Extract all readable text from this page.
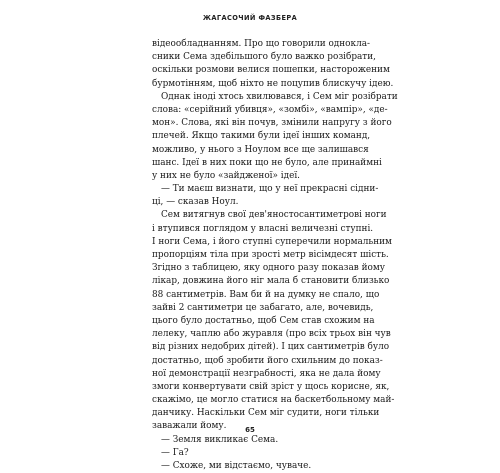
ЖАГАСОЧИЙ ФАЗБЕРА
відеообладнанням. Про що говорили однокла-
сники Сема здебільшого було важко розібрати,
оскільки розмови велися пошепки, настороженим
бурмотінням, щоб ніхто не поцупив блискучу ідею.
Однак іноді хтось хвилювався, і Сем міг розібрати
слова: «серійний убивця», «зомбі», «вампір», «де-
мон». Слова, які він почув, змінили напругу з його
плечей. Якщо такими були ідеї інших команд,
можливо, у нього з Ноулом все ще залишався
шанс. Ідеї в них поки що не було, але принаймні
у них не було «зайдженої» ідеї.
— Ти маєш визнати, що у неї прекрасні сідни-
ці, — сказав Ноул.
Сем витягнув свої дев'яностосантиметрові ноги
і втупився поглядом у власні величезні ступні.
І ноги Сема, і його ступні суперечили нормальним
пропорціям тіла при зрості метр вісімдесят шість.
Згідно з таблицею, яку одного разу показав йому
лікар, довжина його ніг мала б становити близько
88 сантиметрів. Вам би й на думку не спало, що
зайві 2 сантиметри це забагато, але, вочевидь,
цього було достатньо, щоб Сем став схожим на
лелеку, чаплю або журавля (про всіх трьох він чув
від різних недобрих дітей). І цих сантиметрів було
достатньо, щоб зробити його схильним до показ-
ної демонстрації незграбності, яка не дала йому
змоги конвертувати свій зріст у щось корисне, як,
скажімо, це могло статися на баскетбольному май-
данчику. Наскільки Сем міг судити, ноги тільки
заважали йому.
— Земля викликає Сема.
— Га?
— Схоже, ми відстаємо, чуваче.
65
